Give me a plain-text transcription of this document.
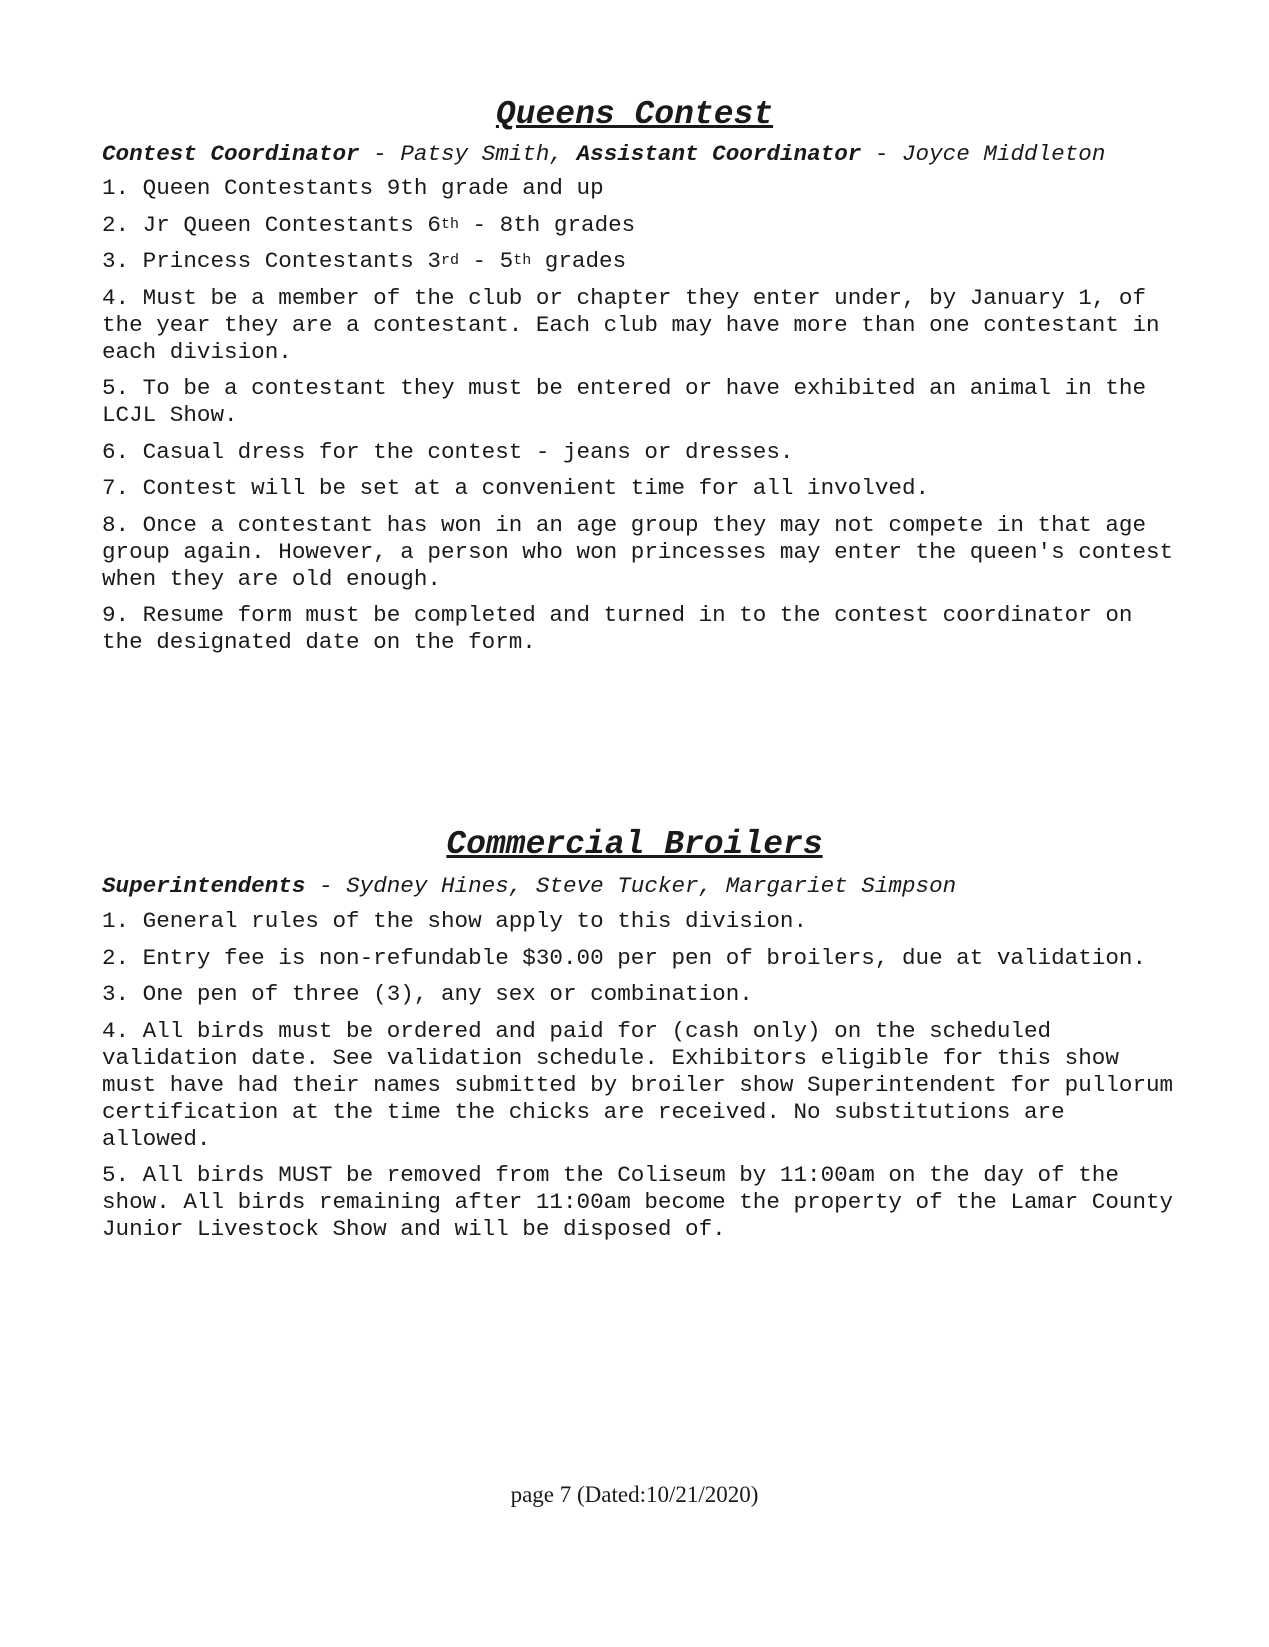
Queens Contest
Contest Coordinator - Patsy Smith, Assistant Coordinator - Joyce Middleton
1. Queen Contestants 9th grade and up
2. Jr Queen Contestants 6th - 8th grades
3. Princess Contestants 3rd - 5th grades
4. Must be a member of the club or chapter they enter under, by January 1, of the year they are a contestant. Each club may have more than one contestant in each division.
5. To be a contestant they must be entered or have exhibited an animal in the LCJL Show.
6. Casual dress for the contest - jeans or dresses.
7. Contest will be set at a convenient time for all involved.
8. Once a contestant has won in an age group they may not compete in that age group again. However, a person who won princesses may enter the queen's contest when they are old enough.
9. Resume form must be completed and turned in to the contest coordinator on the designated date on the form.
Commercial Broilers
Superintendents - Sydney Hines, Steve Tucker, Margariet Simpson
1. General rules of the show apply to this division.
2. Entry fee is non-refundable $30.00 per pen of broilers, due at validation.
3. One pen of three (3), any sex or combination.
4. All birds must be ordered and paid for (cash only) on the scheduled validation date. See validation schedule. Exhibitors eligible for this show must have had their names submitted by broiler show Superintendent for pullorum certification at the time the chicks are received. No substitutions are allowed.
5. All birds MUST be removed from the Coliseum by 11:00am on the day of the show. All birds remaining after 11:00am become the property of the Lamar County Junior Livestock Show and will be disposed of.
page 7 (Dated:10/21/2020)
